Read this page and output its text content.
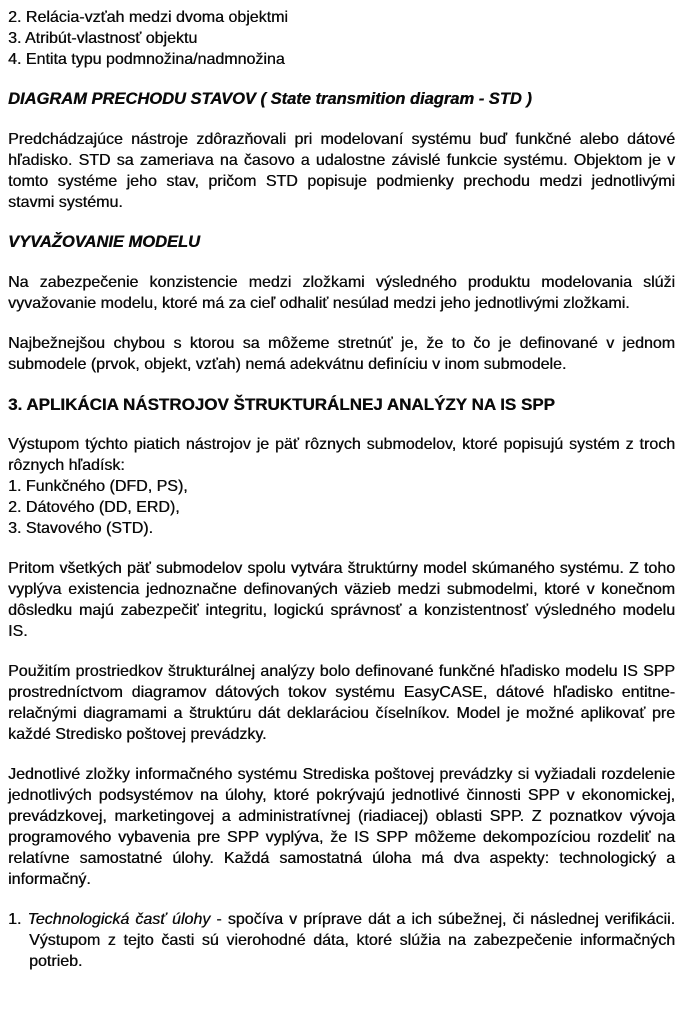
2. Relácia-vzťah medzi dvoma objektmi
3. Atribút-vlastnosť objektu
4. Entita typu podmnožina/nadmnožina
DIAGRAM PRECHODU STAVOV ( State transmition diagram - STD )
Predchádzajúce nástroje zdôrazňovali pri modelovaní systému buď funkčné alebo dátové hľadisko. STD sa zameriava na časovo a udalostne závislé funkcie systému. Objektom je v tomto systéme jeho stav, pričom STD popisuje podmienky prechodu medzi jednotlivými stavmi systému.
VYVAŽOVANIE MODELU
Na zabezpečenie konzistencie medzi zložkami výsledného produktu modelovania slúži vyvažovanie modelu, ktoré má za cieľ odhaliť nesúlad medzi jeho jednotlivými zložkami.
Najbežnejšou chybou s ktorou sa môžeme stretnúť je, že to čo je definované v jednom submodele (prvok, objekt, vzťah) nemá adekvátnu definíciu v inom submodele.
3. APLIKÁCIA NÁSTROJOV ŠTRUKTURÁLNEJ ANALÝZY NA IS SPP
Výstupom týchto piatich nástrojov je päť rôznych submodelov, ktoré popisujú systém z troch rôznych hľadísk:
1. Funkčného (DFD, PS),
2. Dátového (DD, ERD),
3. Stavového (STD).
Pritom všetkých päť submodelov spolu vytvára štruktúrny model skúmaného systému. Z toho vyplýva existencia jednoznačne definovaných väzieb medzi submodelmi, ktoré v konečnom dôsledku majú zabezpečiť integritu, logickú správnosť a konzistentnosť výsledného modelu IS.
Použitím prostriedkov štrukturálnej analýzy bolo definované funkčné hľadisko modelu IS SPP prostredníctvom diagramov dátových tokov systému EasyCASE, dátové hľadisko entitne-relačnými diagramami a štruktúru dát deklaráciou číselníkov. Model je možné aplikovať pre každé Stredisko poštovej prevádzky.
Jednotlivé zložky informačného systému Strediska poštovej prevádzky si vyžiadali rozdelenie jednotlivých podsystémov na úlohy, ktoré pokrývajú jednotlivé činnosti SPP v ekonomickej, prevádzkovej, marketingovej a administratívnej (riadiacej) oblasti SPP. Z poznatkov vývoja programového vybavenia pre SPP vyplýva, že IS SPP môžeme dekompozíciou rozdeliť na relatívne samostatné úlohy. Každá samostatná úloha má dva aspekty: technologický a informačný.
1. Technologická časť úlohy - spočíva v príprave dát a ich súbežnej, či následnej verifikácii. Výstupom z tejto časti sú vierohodné dáta, ktoré slúžia na zabezpečenie informačných potrieb.
